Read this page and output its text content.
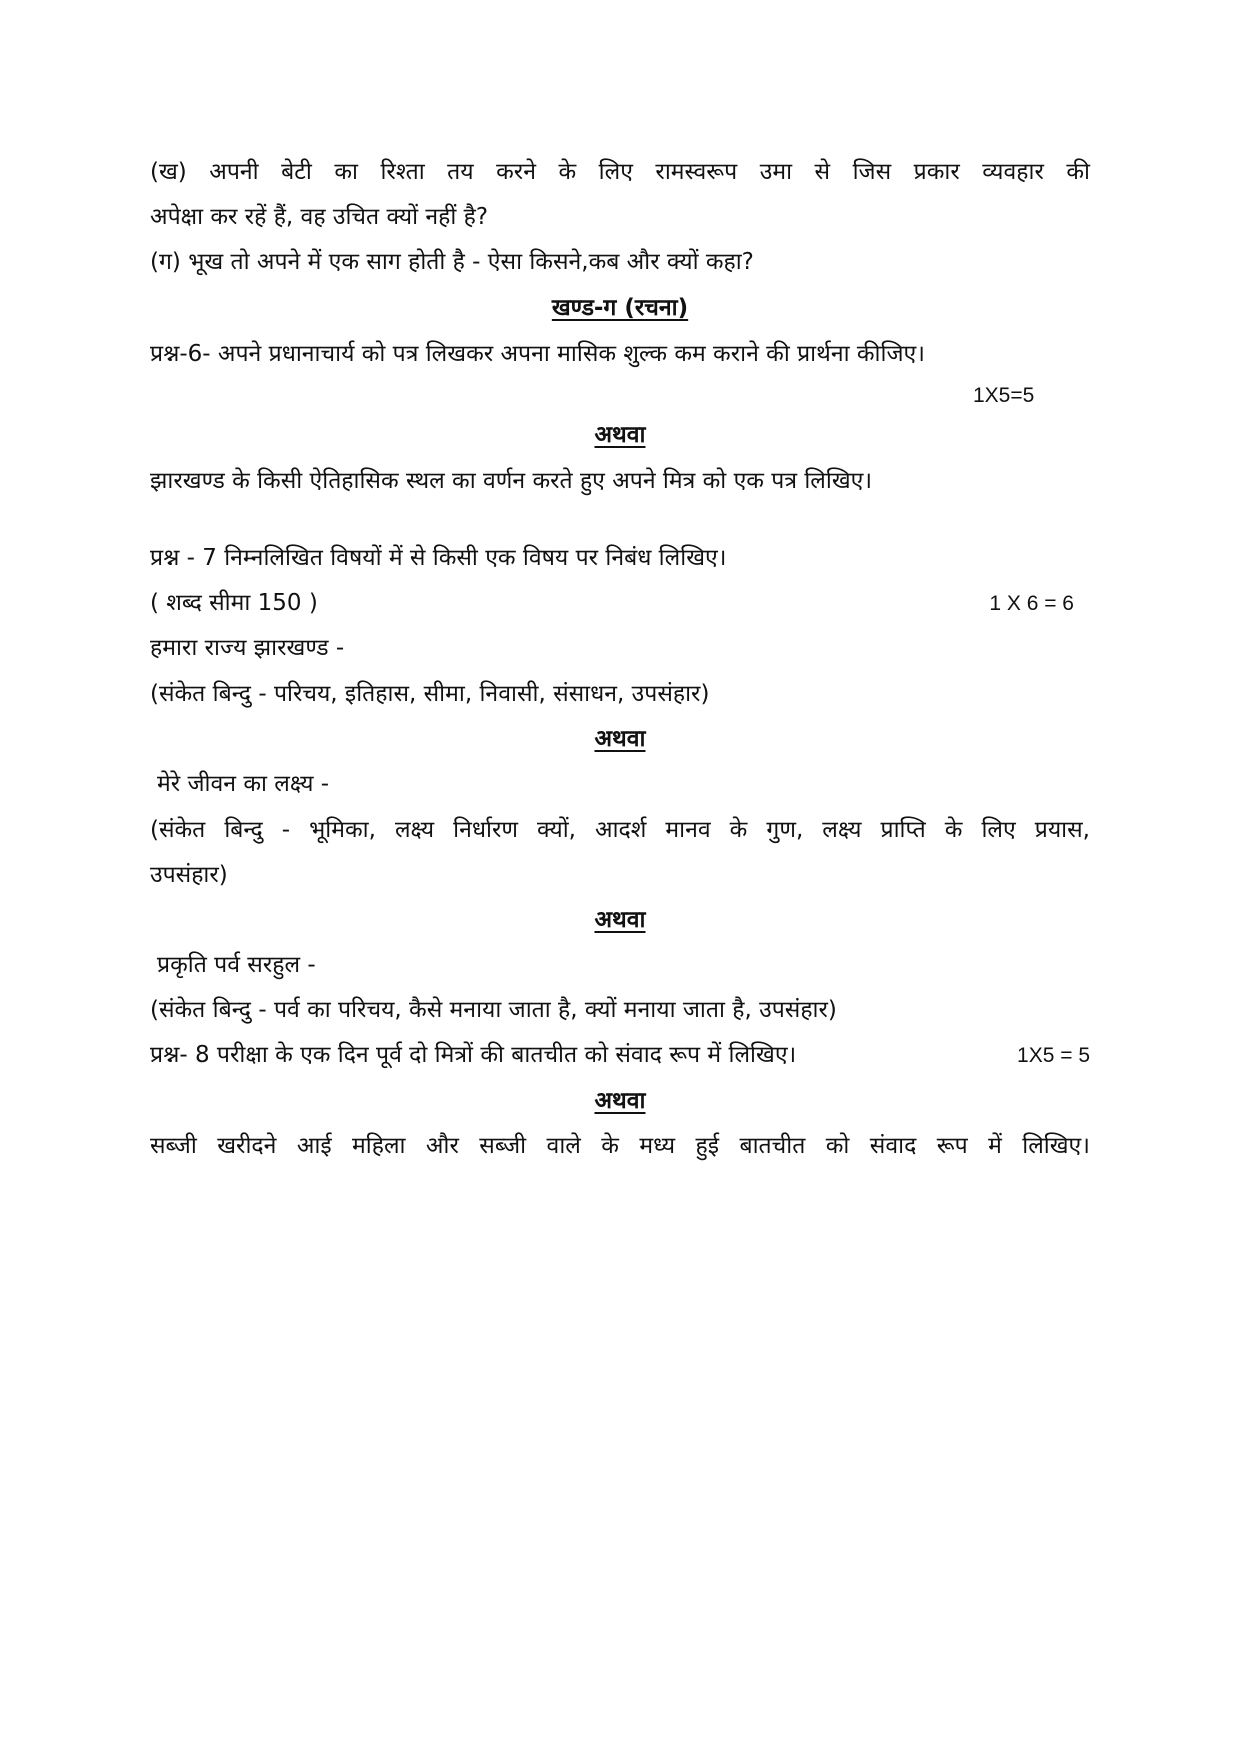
(ख) अपनी बेटी का रिश्ता तय करने के लिए रामस्वरूप उमा से जिस प्रकार व्यवहार की
अपेक्षा कर रहें हैं, वह उचित क्यों नहीं है?
(ग) भूख तो अपने में एक साग होती है - ऐसा किसने,कब और क्यों कहा?
खण्ड-ग (रचना)
प्रश्न-6- अपने प्रधानाचार्य को पत्र लिखकर अपना मासिक शुल्क कम कराने की प्रार्थना कीजिए।
1X5=5
अथवा
झारखण्ड के किसी ऐतिहासिक स्थल का वर्णन करते हुए अपने मित्र को एक पत्र लिखिए।
प्रश्न - 7 निम्नलिखित विषयों में से किसी एक विषय पर निबंध लिखिए।
( शब्द सीमा 150 )	1 X 6 = 6
हमारा राज्य झारखण्ड -
(संकेत बिन्दु - परिचय, इतिहास, सीमा, निवासी, संसाधन, उपसंहार)
अथवा
मेरे जीवन का लक्ष्य -
(संकेत बिन्दु - भूमिका, लक्ष्य निर्धारण क्यों, आदर्श मानव के गुण, लक्ष्य प्राप्ति के लिए प्रयास,
उपसंहार)
अथवा
प्रकृति पर्व सरहुल -
(संकेत बिन्दु - पर्व का परिचय, कैसे मनाया जाता है, क्यों मनाया जाता है, उपसंहार)
प्रश्न- 8 परीक्षा के एक दिन पूर्व दो मित्रों की बातचीत को संवाद रूप में लिखिए।	1X5 = 5
अथवा
सब्जी खरीदने आई महिला और सब्जी वाले के मध्य हुई बातचीत को संवाद रूप में लिखिए।
